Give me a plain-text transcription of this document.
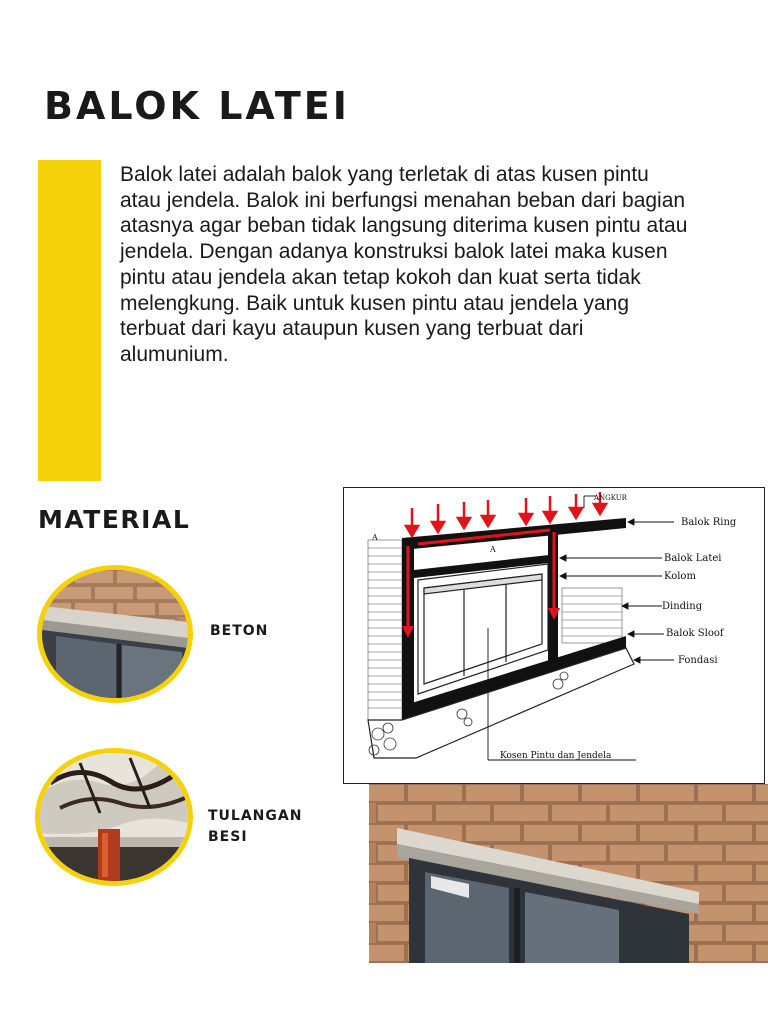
BALOK LATEI

Balok latei adalah balok yang terletak di atas kusen pintu atau jendela. Balok ini berfungsi menahan beban dari bagian atasnya agar beban tidak langsung diterima kusen pintu atau jendela. Dengan adanya konstruksi balok latei maka kusen pintu atau jendela akan tetap kokoh dan kuat serta tidak melengkung. Baik untuk kusen pintu atau jendela yang terbuat dari kayu ataupun kusen yang terbuat dari alumunium.

MATERIAL

BETON

TULANGAN
BESI

ANGKUR
Balok Ring
Balok Latei
Kolom
Dinding
Balok Sloof
Fondasi
Kosen Pintu dan Jendela
A
A
